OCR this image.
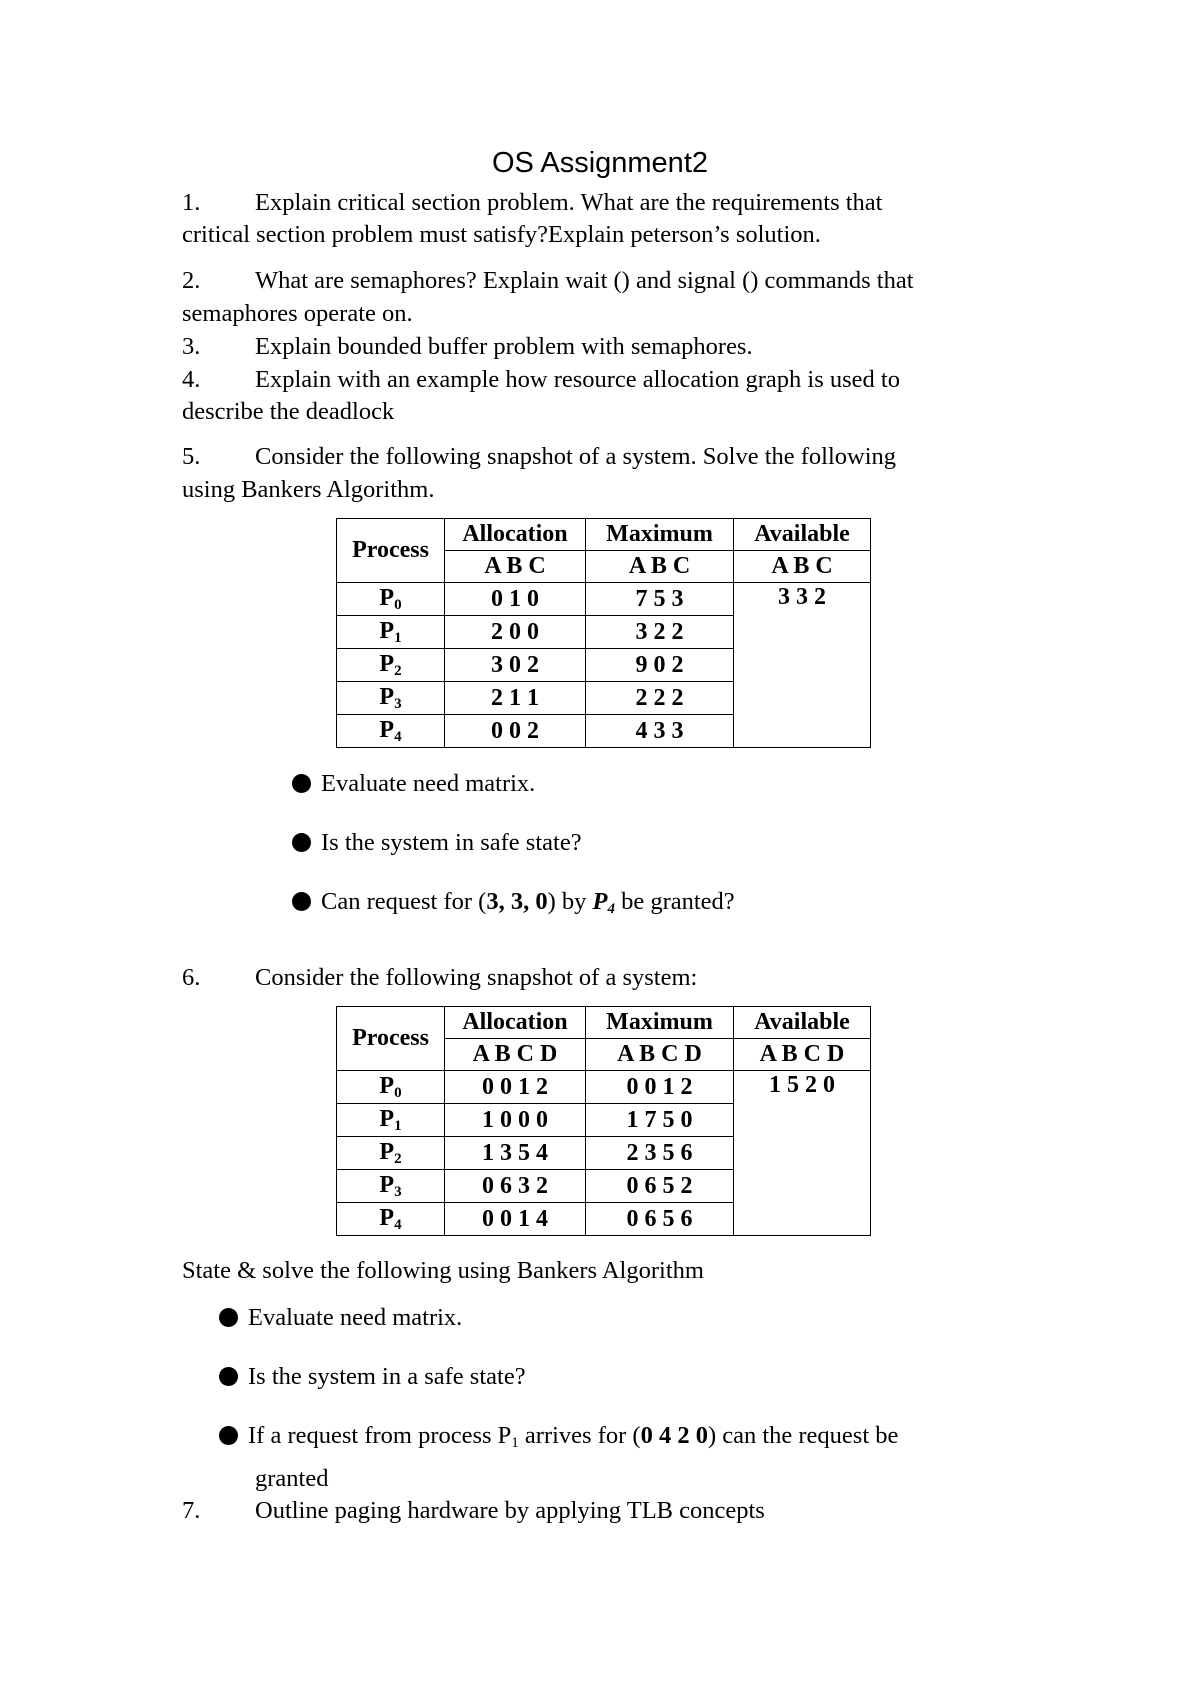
OS Assignment2
1. Explain critical section problem. What are the requirements that
critical section problem must satisfy?Explain peterson’s solution.
2. What are semaphores? Explain wait () and signal () commands that
semaphores operate on.
3. Explain bounded buffer problem with semaphores.
4. Explain with an example how resource allocation graph is used to
describe the deadlock
5. Consider the following snapshot of a system. Solve the following
using Bankers Algorithm.
Process	Allocation	Maximum	Available
	A B C	A B C	A B C
$P_0$	0 1 0	7 5 3	3 3 2
$P_1$	2 0 0	3 2 2	
$P_2$	3 0 2	9 0 2	
$P_3$	2 1 1	2 2 2	
$P_4$	0 0 2	4 3 3	
Evaluate need matrix.
Is the system in safe state?
Can request for (3, 3, 0) by $P_4$ be granted?
6. Consider the following snapshot of a system:
Process	Allocation	Maximum	Available
	A B C D	A B C D	A B C D
$P_0$	0 0 1 2	0 0 1 2	1 5 2 0
$P_1$	1 0 0 0	1 7 5 0	
$P_2$	1 3 5 4	2 3 5 6	
$P_3$	0 6 3 2	0 6 5 2	
$P_4$	0 0 1 4	0 6 5 6	
State & solve the following using Bankers Algorithm
Evaluate need matrix.
Is the system in a safe state?
If a request from process $P_1$ arrives for (0 4 2 0) can the request be
granted
7. Outline paging hardware by applying TLB concepts
